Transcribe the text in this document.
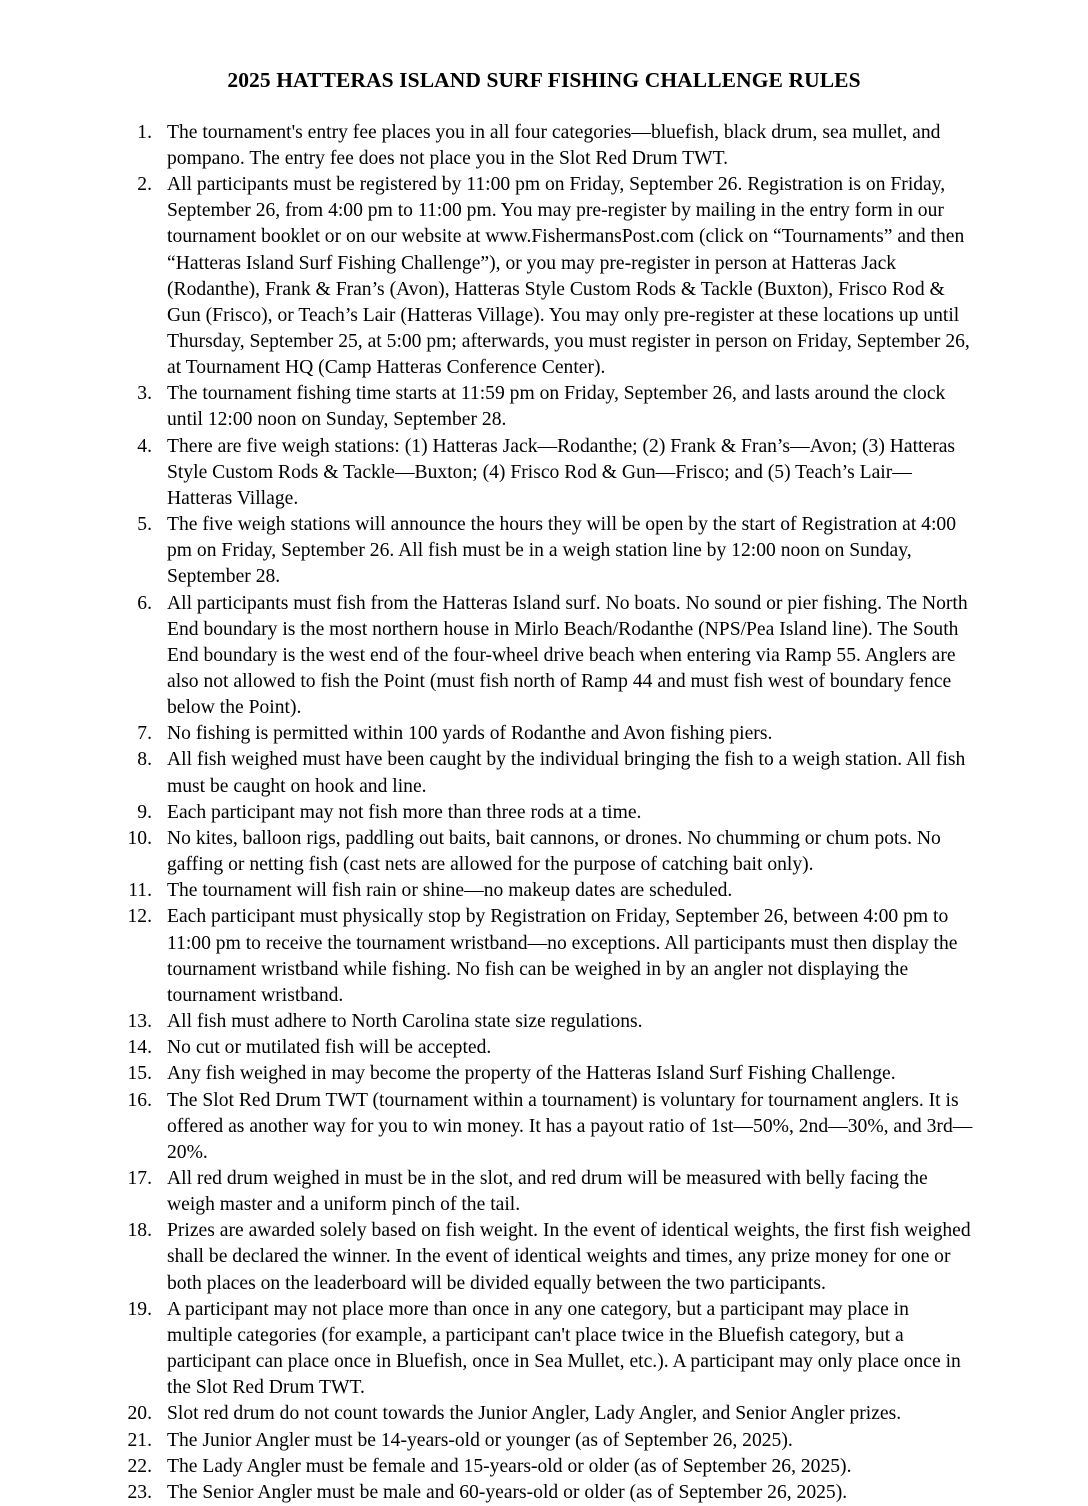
2025 HATTERAS ISLAND SURF FISHING CHALLENGE RULES
1. The tournament's entry fee places you in all four categories—bluefish, black drum, sea mullet, and pompano. The entry fee does not place you in the Slot Red Drum TWT.
2. All participants must be registered by 11:00 pm on Friday, September 26. Registration is on Friday, September 26, from 4:00 pm to 11:00 pm. You may pre-register by mailing in the entry form in our tournament booklet or on our website at www.FishermansPost.com (click on “Tournaments” and then “Hatteras Island Surf Fishing Challenge”), or you may pre-register in person at Hatteras Jack (Rodanthe), Frank & Fran’s (Avon), Hatteras Style Custom Rods & Tackle (Buxton), Frisco Rod & Gun (Frisco), or Teach’s Lair (Hatteras Village). You may only pre-register at these locations up until Thursday, September 25, at 5:00 pm; afterwards, you must register in person on Friday, September 26, at Tournament HQ (Camp Hatteras Conference Center).
3. The tournament fishing time starts at 11:59 pm on Friday, September 26, and lasts around the clock until 12:00 noon on Sunday, September 28.
4. There are five weigh stations: (1) Hatteras Jack—Rodanthe; (2) Frank & Fran’s—Avon; (3) Hatteras Style Custom Rods & Tackle—Buxton; (4) Frisco Rod & Gun—Frisco; and (5) Teach’s Lair—Hatteras Village.
5. The five weigh stations will announce the hours they will be open by the start of Registration at 4:00 pm on Friday, September 26. All fish must be in a weigh station line by 12:00 noon on Sunday, September 28.
6. All participants must fish from the Hatteras Island surf. No boats. No sound or pier fishing. The North End boundary is the most northern house in Mirlo Beach/Rodanthe (NPS/Pea Island line). The South End boundary is the west end of the four-wheel drive beach when entering via Ramp 55. Anglers are also not allowed to fish the Point (must fish north of Ramp 44 and must fish west of boundary fence below the Point).
7. No fishing is permitted within 100 yards of Rodanthe and Avon fishing piers.
8. All fish weighed must have been caught by the individual bringing the fish to a weigh station. All fish must be caught on hook and line.
9. Each participant may not fish more than three rods at a time.
10. No kites, balloon rigs, paddling out baits, bait cannons, or drones. No chumming or chum pots. No gaffing or netting fish (cast nets are allowed for the purpose of catching bait only).
11. The tournament will fish rain or shine—no makeup dates are scheduled.
12. Each participant must physically stop by Registration on Friday, September 26, between 4:00 pm to 11:00 pm to receive the tournament wristband—no exceptions. All participants must then display the tournament wristband while fishing. No fish can be weighed in by an angler not displaying the tournament wristband.
13. All fish must adhere to North Carolina state size regulations.
14. No cut or mutilated fish will be accepted.
15. Any fish weighed in may become the property of the Hatteras Island Surf Fishing Challenge.
16. The Slot Red Drum TWT (tournament within a tournament) is voluntary for tournament anglers. It is offered as another way for you to win money. It has a payout ratio of 1st—50%, 2nd—30%, and 3rd—20%.
17. All red drum weighed in must be in the slot, and red drum will be measured with belly facing the weigh master and a uniform pinch of the tail.
18. Prizes are awarded solely based on fish weight. In the event of identical weights, the first fish weighed shall be declared the winner. In the event of identical weights and times, any prize money for one or both places on the leaderboard will be divided equally between the two participants.
19. A participant may not place more than once in any one category, but a participant may place in multiple categories (for example, a participant can't place twice in the Bluefish category, but a participant can place once in Bluefish, once in Sea Mullet, etc.). A participant may only place once in the Slot Red Drum TWT.
20. Slot red drum do not count towards the Junior Angler, Lady Angler, and Senior Angler prizes.
21. The Junior Angler must be 14-years-old or younger (as of September 26, 2025).
22. The Lady Angler must be female and 15-years-old or older (as of September 26, 2025).
23. The Senior Angler must be male and 60-years-old or older (as of September 26, 2025).
